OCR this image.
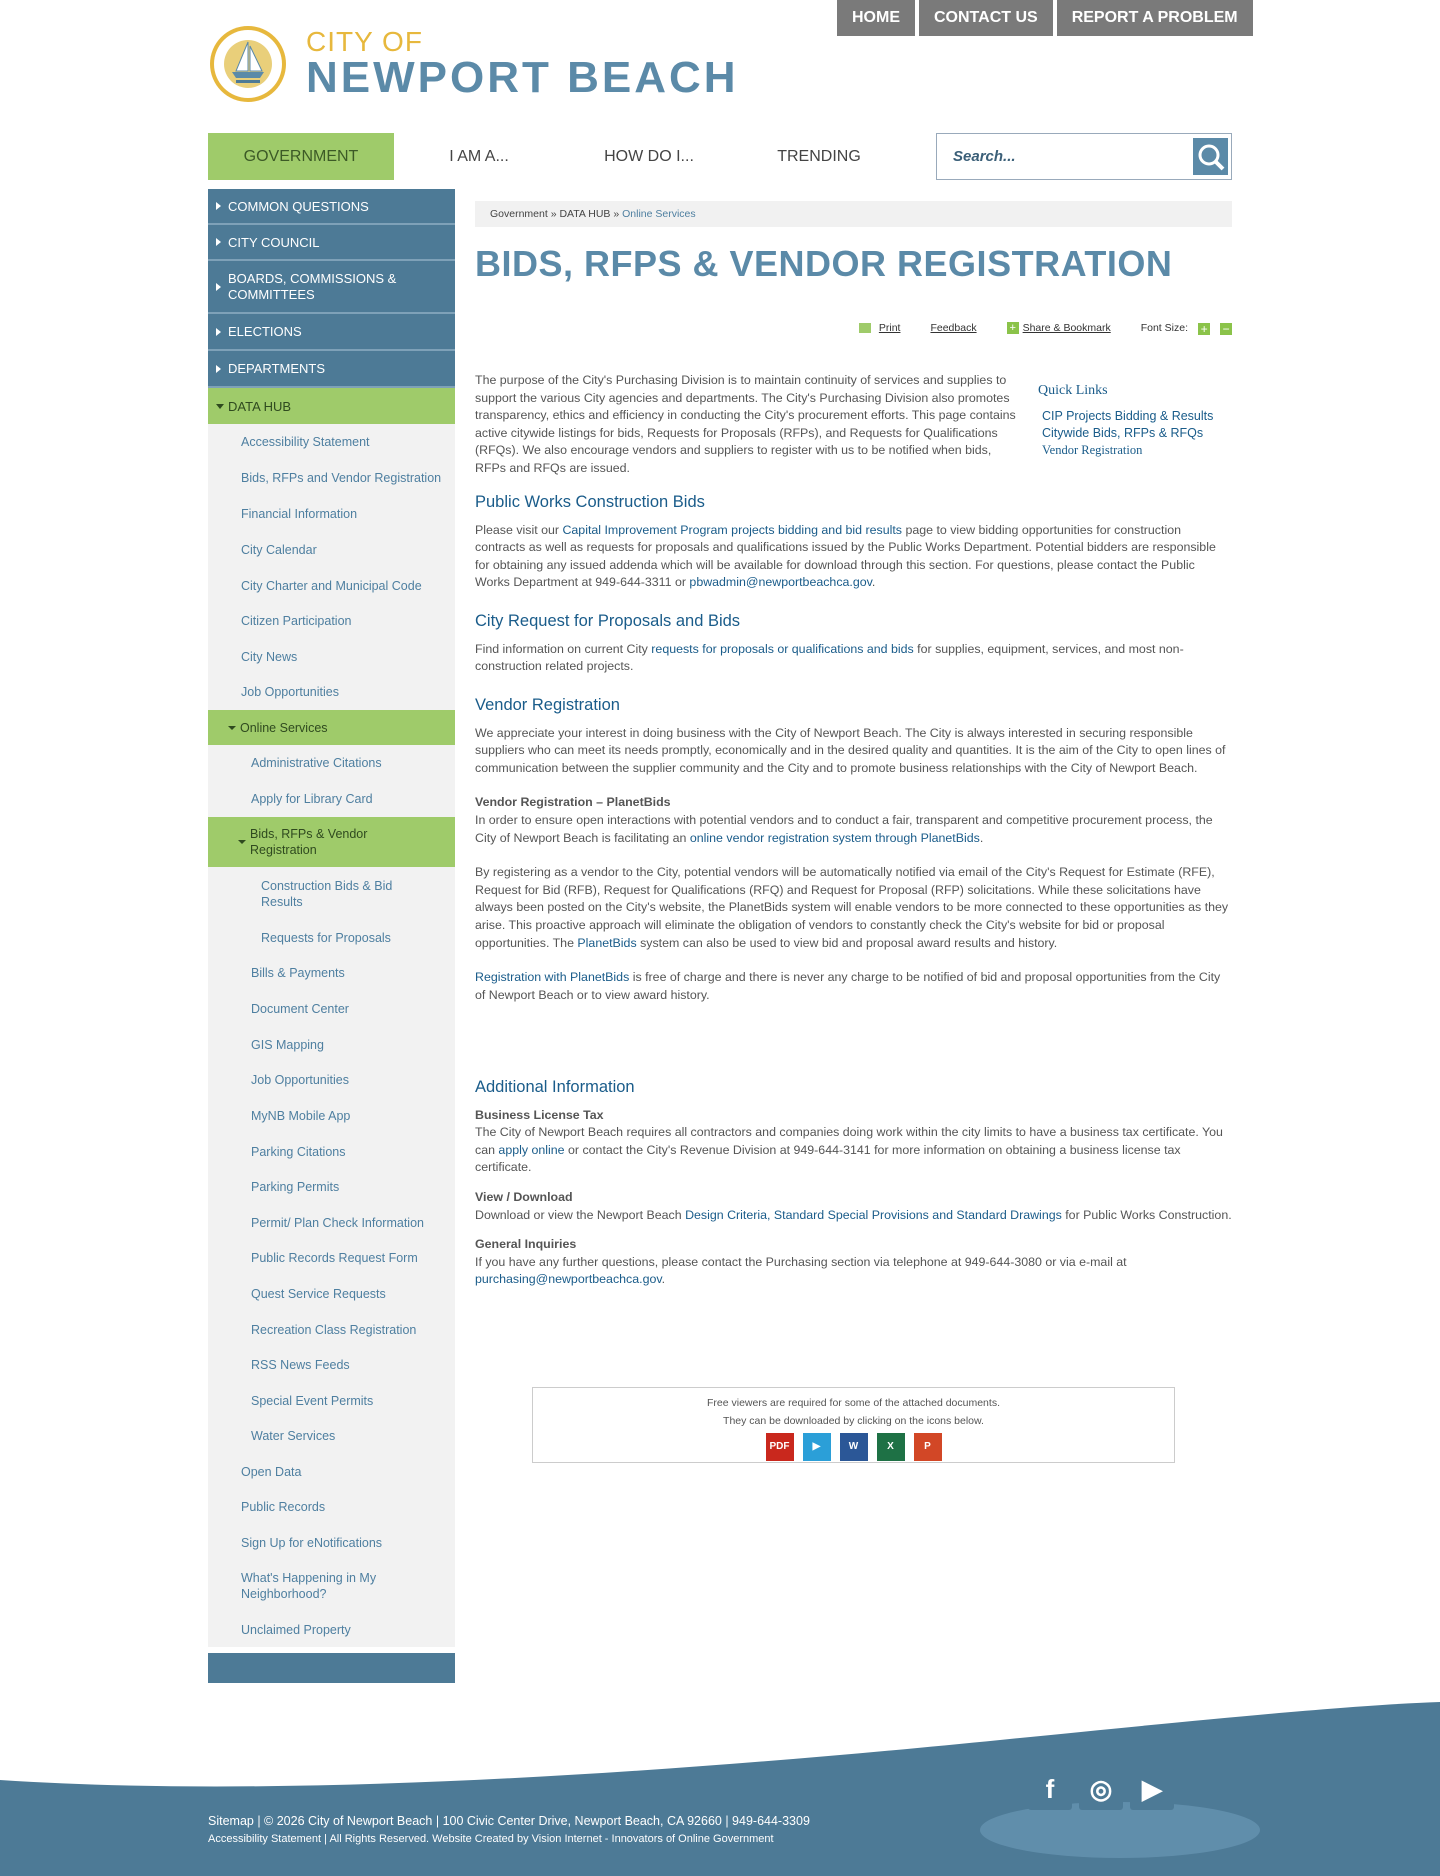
HOME	CONTACT US	REPORT A PROBLEM
CITY OF
NEWPORT BEACH
GOVERNMENT	I AM A...	HOW DO I...	TRENDING	Search...
COMMON QUESTIONS
CITY COUNCIL
BOARDS, COMMISSIONS & COMMITTEES
ELECTIONS
DEPARTMENTS
DATA HUB
Accessibility Statement
Bids, RFPs and Vendor Registration
Financial Information
City Calendar
City Charter and Municipal Code
Citizen Participation
City News
Job Opportunities
Online Services
Administrative Citations
Apply for Library Card
Bids, RFPs & Vendor Registration
Construction Bids & Bid Results
Requests for Proposals
Bills & Payments
Document Center
GIS Mapping
Job Opportunities
MyNB Mobile App
Parking Citations
Parking Permits
Permit/ Plan Check Information
Public Records Request Form
Quest Service Requests
Recreation Class Registration
RSS News Feeds
Special Event Permits
Water Services
Open Data
Public Records
Sign Up for eNotifications
What's Happening in My Neighborhood?
Unclaimed Property
Government » DATA HUB » Online Services
BIDS, RFPS & VENDOR REGISTRATION
Print	Feedback	+ Share & Bookmark	Font Size: + −

The purpose of the City's Purchasing Division is to maintain continuity of services and supplies to support the various City agencies and departments. The City's Purchasing Division also promotes transparency, ethics and efficiency in conducting the City's procurement efforts. This page contains active citywide listings for bids, Requests for Proposals (RFPs), and Requests for Qualifications (RFQs). We also encourage vendors and suppliers to register with us to be notified when bids, RFPs and RFQs are issued.

Quick Links
CIP Projects Bidding & Results
Citywide Bids, RFPs & RFQs
Vendor Registration
Public Works Construction Bids

Please visit our Capital Improvement Program projects bidding and bid results page to view bidding opportunities for construction contracts as well as requests for proposals and qualifications issued by the Public Works Department. Potential bidders are responsible for obtaining any issued addenda which will be available for download through this section. For questions, please contact the Public Works Department at 949-644-3311 or pbwadmin@newportbeachca.gov.

City Request for Proposals and Bids

Find information on current City requests for proposals or qualifications and bids for supplies, equipment, services, and most non-construction related projects.

Vendor Registration

We appreciate your interest in doing business with the City of Newport Beach. The City is always interested in securing responsible suppliers who can meet its needs promptly, economically and in the desired quality and quantities. It is the aim of the City to open lines of communication between the supplier community and the City and to promote business relationships with the City of Newport Beach.

Vendor Registration – PlanetBids

In order to ensure open interactions with potential vendors and to conduct a fair, transparent and competitive procurement process, the City of Newport Beach is facilitating an online vendor registration system through PlanetBids.

By registering as a vendor to the City, potential vendors will be automatically notified via email of the City's Request for Estimate (RFE), Request for Bid (RFB), Request for Qualifications (RFQ) and Request for Proposal (RFP) solicitations. While these solicitations have always been posted on the City's website, the PlanetBids system will enable vendors to be more connected to these opportunities as they arise. This proactive approach will eliminate the obligation of vendors to constantly check the City's website for bid or proposal opportunities. The PlanetBids system can also be used to view bid and proposal award results and history.

Registration with PlanetBids is free of charge and there is never any charge to be notified of bid and proposal opportunities from the City of Newport Beach or to view award history.

Additional Information

Business License Tax

The City of Newport Beach requires all contractors and companies doing work within the city limits to have a business tax certificate. You can apply online or contact the City's Revenue Division at 949-644-3141 for more information on obtaining a business license tax certificate.

View / Download

Download or view the Newport Beach Design Criteria, Standard Special Provisions and Standard Drawings for Public Works Construction.

General Inquiries

If you have any further questions, please contact the Purchasing section via telephone at 949-644-3080 or via e-mail at purchasing@newportbeachca.gov.

Free viewers are required for some of the attached documents.
They can be downloaded by clicking on the icons below.
PDF	▶	W	X	P
f	◎	▶
Sitemap | © 2026 City of Newport Beach | 100 Civic Center Drive, Newport Beach, CA 92660 | 949-644-3309
Accessibility Statement | All Rights Reserved. Website Created by Vision Internet - Innovators of Online Government
